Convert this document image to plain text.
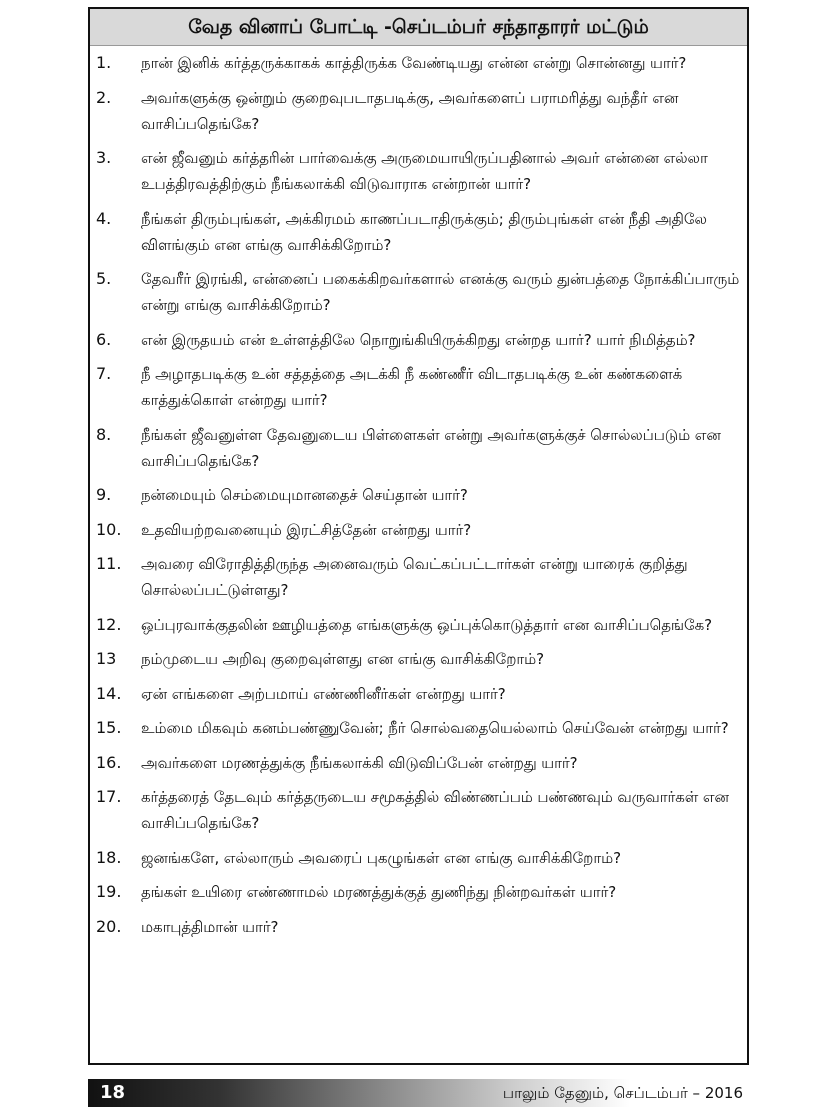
வேத வினாப் போட்டி -செப்டம்பர் சந்தாதாரர் மட்டும்
1.	நான் இனிக் கர்த்தருக்காகக் காத்திருக்க வேண்டியது என்ன என்று சொன்னது யார்?
2.	அவர்களுக்கு ஒன்றும் குறைவுபடாதபடிக்கு, அவர்களைப் பராமரித்து வந்தீர் என வாசிப்பதெங்கே?
3.	என் ஜீவனும் கர்த்தரின் பார்வைக்கு அருமையாயிருப்பதினால் அவர் என்னை எல்லா உபத்திரவத்திற்கும் நீங்கலாக்கி விடுவாராக என்றான் யார்?
4.	நீங்கள் திரும்புங்கள், அக்கிரமம் காணப்படாதிருக்கும்; திரும்புங்கள் என் நீதி அதிலே விளங்கும் என எங்கு வாசிக்கிறோம்?
5.	தேவரீர் இரங்கி, என்னைப் பகைக்கிறவர்களால் எனக்கு வரும் துன்பத்தை நோக்கிப்பாரும் என்று எங்கு வாசிக்கிறோம்?
6.	என் இருதயம் என் உள்ளத்திலே நொறுங்கியிருக்கிறது என்றத யார்? யார் நிமித்தம்?
7.	நீ அழாதபடிக்கு உன் சத்தத்தை அடக்கி நீ கண்ணீர் விடாதபடிக்கு உன் கண்களைக் காத்துக்கொள் என்றது யார்?
8.	நீங்கள் ஜீவனுள்ள தேவனுடைய பிள்ளைகள் என்று அவர்களுக்குச் சொல்லப்படும் என வாசிப்பதெங்கே?
9.	நன்மையும் செம்மையுமானதைச் செய்தான் யார்?
10.	உதவியற்றவனையும் இரட்சித்தேன் என்றது யார்?
11.	அவரை விரோதித்திருந்த அனைவரும் வெட்கப்பட்டார்கள் என்று யாரைக் குறித்து சொல்லப்பட்டுள்ளது?
12.	ஒப்புரவாக்குதலின் ஊழியத்தை எங்களுக்கு ஒப்புக்கொடுத்தார் என வாசிப்பதெங்கே?
13	நம்முடைய அறிவு குறைவுள்ளது என எங்கு வாசிக்கிறோம்?
14.	ஏன் எங்களை அற்பமாய் எண்ணினீர்கள் என்றது யார்?
15.	உம்மை மிகவும் கனம்பண்ணுவேன்; நீர் சொல்வதையெல்லாம் செய்வேன் என்றது யார்?
16.	அவர்களை மரணத்துக்கு நீங்கலாக்கி விடுவிப்பேன் என்றது யார்?
17.	கர்த்தரைத் தேடவும் கர்த்தருடைய சமூகத்தில் விண்ணப்பம் பண்ணவும் வருவார்கள் என வாசிப்பதெங்கே?
18.	ஜனங்களே, எல்லாரும் அவரைப் புகழுங்கள் என எங்கு வாசிக்கிறோம்?
19.	தங்கள் உயிரை எண்ணாமல் மரணத்துக்குத் துணிந்து நின்றவர்கள் யார்?
20.	மகாபுத்திமான் யார்?
18	பாலும் தேனும், செப்டம்பர் – 2016
